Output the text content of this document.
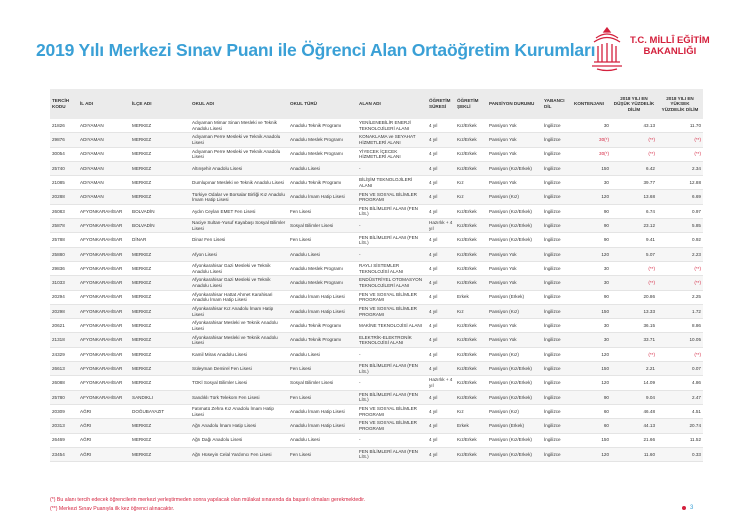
2019 Yılı Merkezi Sınav Puanı ile Öğrenci Alan Ortaöğretim Kurumları	T.C. MİLLÎ EĞİTİM
BAKANLIĞI
TERCİH KODU	İL ADI	İLÇE ADI	OKUL ADI	OKUL TÜRÜ	ALAN ADI	ÖĞRETİM SÜRESİ	ÖĞRETİM ŞEKLİ	PANSİYON DURUMU	YABANCI DİL	KONTENJANI	2018 YILI EN DÜŞÜK YÜZDELİK DİLİM	2018 YILI EN YÜKSEK YÜZDELİK DİLİM
21826	ADIYAMAN	MERKEZ	Adıyaman Mimar Sinan Mesleki ve Teknik Anadolu Lisesi	Anadolu Teknik Programı	YENİLENEBİLİR ENERJİ TEKNOLOJİLERİ ALANI	4 yıl	Kız/Erkek	Pansiyon Yok	İngilizce	30	43.13	11.70
29876	ADIYAMAN	MERKEZ	Adıyaman Perre Mesleki ve Teknik Anadolu Lisesi	Anadolu Meslek Programı	KONAKLAMA ve SEYAHAT HİZMETLERİ ALANI	4 yıl	Kız/Erkek	Pansiyon Yok	İngilizce	30(*)	(**)	(**)
30054	ADIYAMAN	MERKEZ	Adıyaman Perre Mesleki ve Teknik Anadolu Lisesi	Anadolu Meslek Programı	YİYECEK İÇECEK HİZMETLERİ ALANI	4 yıl	Kız/Erkek	Pansiyon Yok	İngilizce	30(*)	(**)	(**)
25740	ADIYAMAN	MERKEZ	Altınşehir Anadolu Lisesi	Anadolu Lisesi	-	4 yıl	Kız/Erkek	Pansiyon (Kız/Erkek)	İngilizce	150	6.42	2.34
21085	ADIYAMAN	MERKEZ	Dumlupınar Mesleki ve Teknik Anadolu Lisesi	Anadolu Teknik Programı	BİLİŞİM TEKNOLOJİLERİ ALANI	4 yıl	Kız	Pansiyon Yok	İngilizce	30	39.77	12.88
20288	ADIYAMAN	MERKEZ	Türkiye Odalar ve Borsalar Birliği Kız Anadolu İmam Hatip Lisesi	Anadolu İmam Hatip Lisesi	FEN VE SOSYAL BİLİMLER PROGRAMI	4 yıl	Kız	Pansiyon (Kız)	İngilizce	120	13.68	6.69
26083	AFYONKARAHİSAR	BOLVADİN	Aydın Ceylan EMET Fen Lisesi	Fen Lisesi	FEN BİLİMLERİ ALANI (FEN LİS.)	4 yıl	Kız/Erkek	Pansiyon (Kız/Erkek)	İngilizce	90	6.74	0.97
25878	AFYONKARAHİSAR	BOLVADİN	Naciye Sultan-Yusuf Kayabaşı Sosyal Bilimler Lisesi	Sosyal Bilimler Lisesi	-	Hazırlık + 4 yıl	Kız/Erkek	Pansiyon (Kız/Erkek)	İngilizce	90	23.12	5.85
25788	AFYONKARAHİSAR	DİNAR	Dinar Fen Lisesi	Fen Lisesi	FEN BİLİMLERİ ALANI (FEN LİS.)	4 yıl	Kız/Erkek	Pansiyon (Kız/Erkek)	İngilizce	90	9.41	0.92
25880	AFYONKARAHİSAR	MERKEZ	Afyon Lisesi	Anadolu Lisesi	-	4 yıl	Kız/Erkek	Pansiyon Yok	İngilizce	120	5.07	2.23
29836	AFYONKARAHİSAR	MERKEZ	Afyonkarahisar Gazi Mesleki ve Teknik Anadolu Lisesi	Anadolu Meslek Programı	RAYLI SİSTEMLER TEKNOLOJİSİ ALANI	4 yıl	Kız/Erkek	Pansiyon Yok	İngilizce	30	(**)	(**)
31033	AFYONKARAHİSAR	MERKEZ	Afyonkarahisar Gazi Mesleki ve Teknik Anadolu Lisesi	Anadolu Meslek Programı	ENDÜSTRİYEL OTOMASYON TEKNOLOJİLERİ ALANI	4 yıl	Kız/Erkek	Pansiyon Yok	İngilizce	30	(**)	(**)
20294	AFYONKARAHİSAR	MERKEZ	Afyonkarahisar Hattat Ahmet Karahisari Anadolu İmam Hatip Lisesi	Anadolu İmam Hatip Lisesi	FEN VE SOSYAL BİLİMLER PROGRAMI	4 yıl	Erkek	Pansiyon (Erkek)	İngilizce	90	20.86	2.25
20298	AFYONKARAHİSAR	MERKEZ	Afyonkarahisar Kız Anadolu İmam Hatip Lisesi	Anadolu İmam Hatip Lisesi	FEN VE SOSYAL BİLİMLER PROGRAMI	4 yıl	Kız	Pansiyon (Kız)	İngilizce	150	13.33	1.72
20621	AFYONKARAHİSAR	MERKEZ	Afyonkarahisar Mesleki ve Teknik Anadolu Lisesi	Anadolu Teknik Programı	MAKİNE TEKNOLOJİSİ ALANI	4 yıl	Kız/Erkek	Pansiyon Yok	İngilizce	30	36.15	8.86
21318	AFYONKARAHİSAR	MERKEZ	Afyonkarahisar Mesleki ve Teknik Anadolu Lisesi	Anadolu Teknik Programı	ELEKTRİK-ELEKTRONİK TEKNOLOJİSİ ALANI	4 yıl	Kız/Erkek	Pansiyon Yok	İngilizce	30	33.71	10.05
24329	AFYONKARAHİSAR	MERKEZ	Kamil Miras Anadolu Lisesi	Anadolu Lisesi	-	4 yıl	Kız/Erkek	Pansiyon (Kız)	İngilizce	120	(**)	(**)
26613	AFYONKARAHİSAR	MERKEZ	Süleyman Demirel Fen Lisesi	Fen Lisesi	FEN BİLİMLERİ ALANI (FEN LİS.)	4 yıl	Kız/Erkek	Pansiyon (Kız/Erkek)	İngilizce	150	2.21	0.07
26088	AFYONKARAHİSAR	MERKEZ	TOKİ Sosyal Bilimler Lisesi	Sosyal Bilimler Lisesi	-	Hazırlık + 4 yıl	Kız/Erkek	Pansiyon (Kız/Erkek)	İngilizce	120	14.09	4.86
25780	AFYONKARAHİSAR	SANDIKLI	Sandıklı Türk Telekom Fen Lisesi	Fen Lisesi	FEN BİLİMLERİ ALANI (FEN LİS.)	4 yıl	Kız/Erkek	Pansiyon (Kız/Erkek)	İngilizce	90	9.04	2.47
20309	AĞRI	DOĞUBAYAZIT	Fatımatü Zehra Kız Anadolu İmam Hatip Lisesi	Anadolu İmam Hatip Lisesi	FEN VE SOSYAL BİLİMLER PROGRAMI	4 yıl	Kız	Pansiyon (Kız)	İngilizce	60	46.48	4.51
20313	AĞRI	MERKEZ	Ağrı Anadolu İmam Hatip Lisesi	Anadolu İmam Hatip Lisesi	FEN VE SOSYAL BİLİMLER PROGRAMI	4 yıl	Erkek	Pansiyon (Erkek)	İngilizce	60	44.13	20.74
26469	AĞRI	MERKEZ	Ağrı Dağı Anadolu Lisesi	Anadolu Lisesi	-	4 yıl	Kız/Erkek	Pansiyon (Kız/Erkek)	İngilizce	150	21.66	11.52
23454	AĞRI	MERKEZ	Ağrı Hüseyin Celal Yardımcı Fen Lisesi	Fen Lisesi	FEN BİLİMLERİ ALANI (FEN LİS.)	4 yıl	Kız/Erkek	Pansiyon (Kız/Erkek)	İngilizce	120	11.60	0.33
(*) Bu alanı tercih edecek öğrencilerin merkezi yerleştirmeden sonra yapılacak olan mülakat sınavında da başarılı olmaları gerekmektedir.
(**) Merkezi Sınav Puanıyla ilk kez öğrenci alınacaktır.	3
